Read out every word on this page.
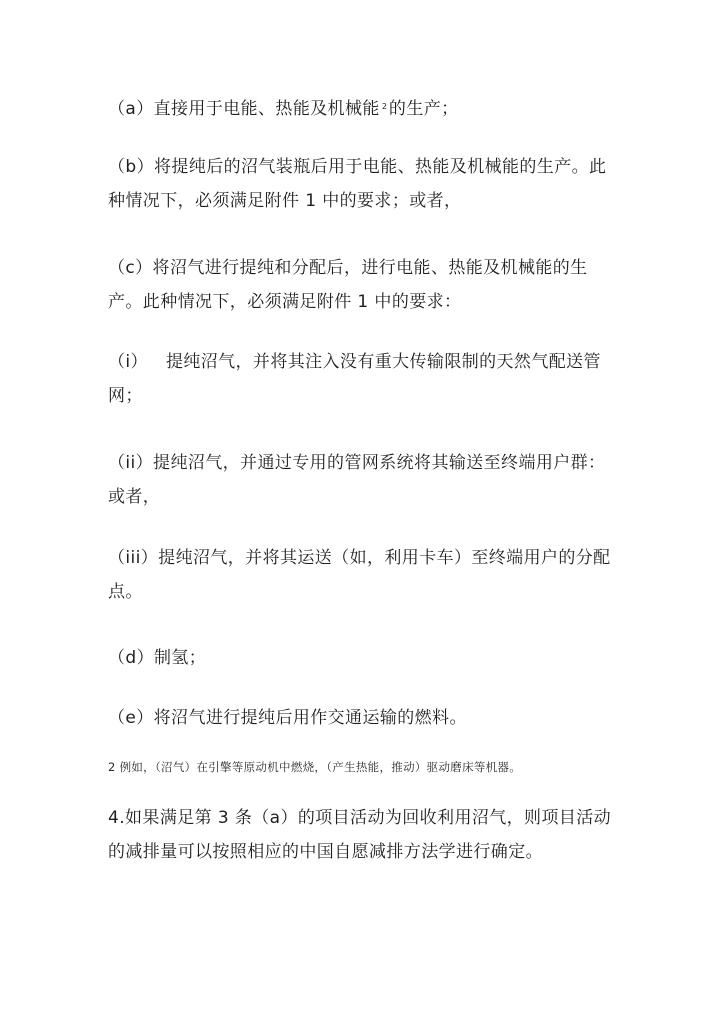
（a）直接用于电能、热能及机械能 $^2$ 的生产；

（b）将提纯后的沼气装瓶后用于电能、热能及机械能的生产。此种情况下，必须满足附件 1 中的要求；或者，

（c）将沼气进行提纯和分配后，进行电能、热能及机械能的生产。此种情况下，必须满足附件 1 中的要求：

（i） 提纯沼气，并将其注入没有重大传输限制的天然气配送管网；

（ii）提纯沼气，并通过专用的管网系统将其输送至终端用户群：或者，

（iii）提纯沼气，并将其运送（如，利用卡车）至终端用户的分配点。

（d）制氢；

（e）将沼气进行提纯后用作交通运输的燃料。

2 例如，（沼气）在引擎等原动机中燃烧，（产生热能，推动）驱动磨床等机器。

4.如果满足第 3 条（a）的项目活动为回收利用沼气，则项目活动的减排量可以按照相应的中国自愿减排方法学进行确定。
